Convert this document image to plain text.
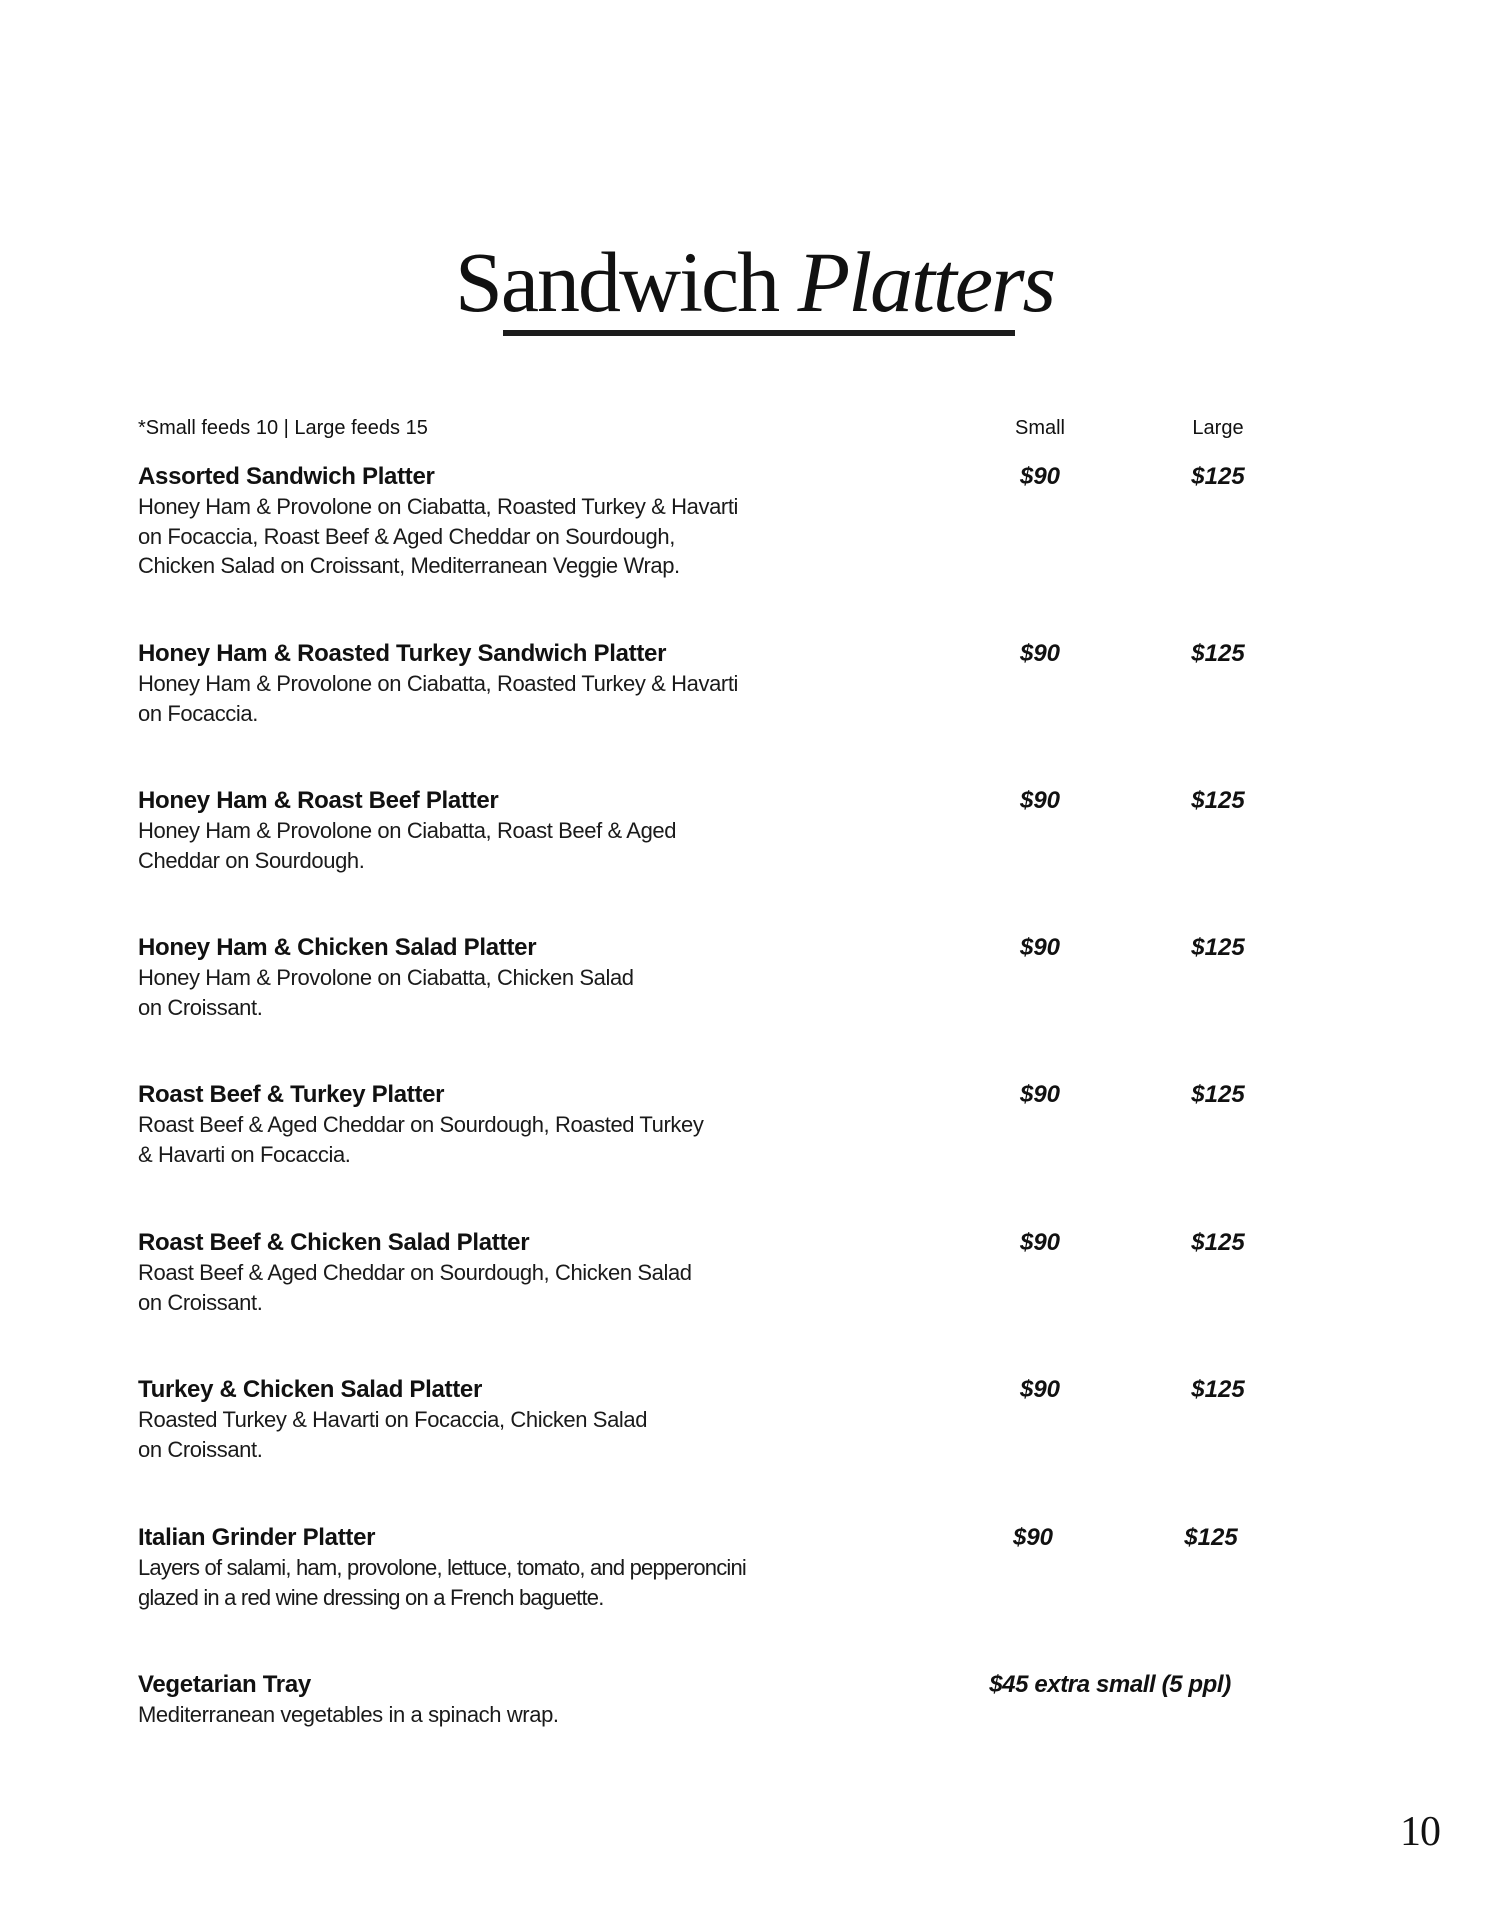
Sandwich Platters
*Small feeds 10 | Large feeds 15	Small	Large
Assorted Sandwich Platter
Honey Ham & Provolone on Ciabatta, Roasted Turkey & Havarti
on Focaccia, Roast Beef & Aged Cheddar on Sourdough,
Chicken Salad on Croissant, Mediterranean Veggie Wrap.
$90	$125
Honey Ham & Roasted Turkey Sandwich Platter
Honey Ham & Provolone on Ciabatta, Roasted Turkey & Havarti
on Focaccia.
$90	$125
Honey Ham & Roast Beef Platter
Honey Ham & Provolone on Ciabatta, Roast Beef & Aged
Cheddar on Sourdough.
$90	$125
Honey Ham & Chicken Salad Platter
Honey Ham & Provolone on Ciabatta, Chicken Salad
on Croissant.
$90	$125
Roast Beef & Turkey Platter
Roast Beef & Aged Cheddar on Sourdough, Roasted Turkey
& Havarti on Focaccia.
$90	$125
Roast Beef & Chicken Salad Platter
Roast Beef & Aged Cheddar on Sourdough, Chicken Salad
on Croissant.
$90	$125
Turkey & Chicken Salad Platter
Roasted Turkey & Havarti on Focaccia, Chicken Salad
on Croissant.
$90	$125
Italian Grinder Platter
Layers of salami, ham, provolone, lettuce, tomato, and pepperoncini
glazed in a red wine dressing on a French baguette.
$90	$125
Vegetarian Tray
Mediterranean vegetables in a spinach wrap.
$45 extra small (5 ppl)
10
